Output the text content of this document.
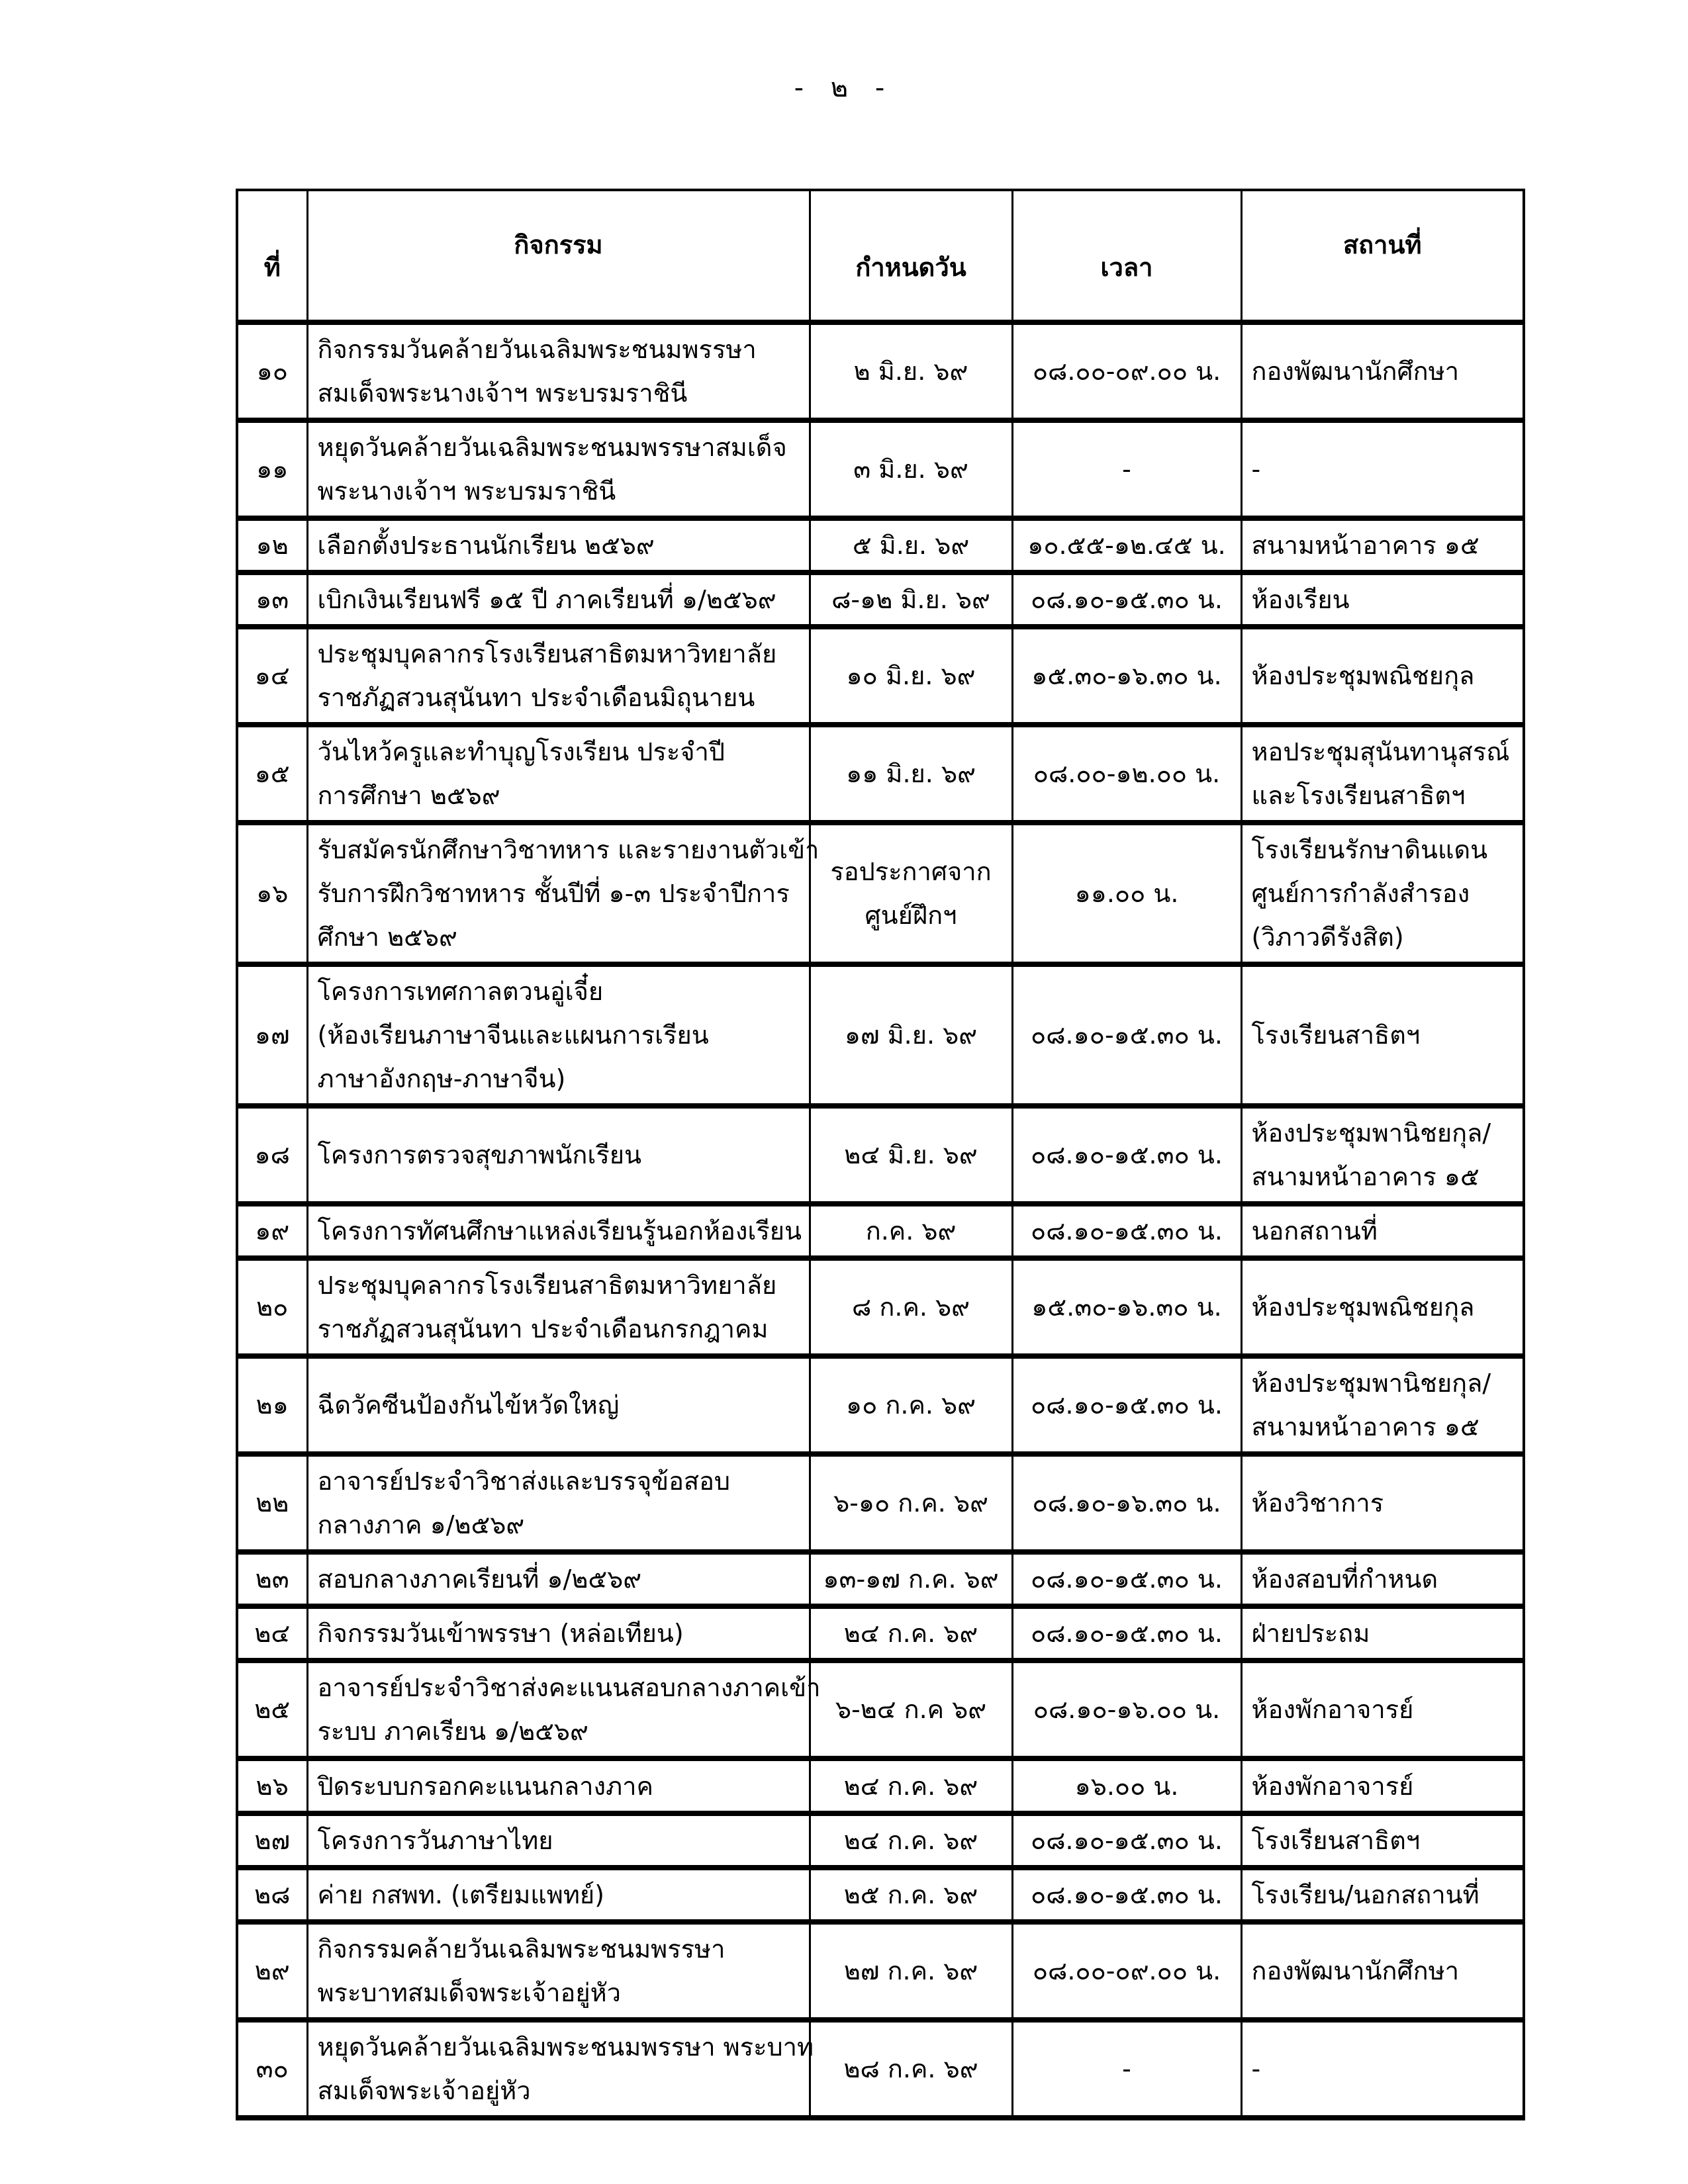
- ๒ -
ที่	กิจกรรม	กำหนดวัน	เวลา	สถานที่
๑๐	กิจกรรมวันคล้ายวันเฉลิมพระชนมพรรษา
สมเด็จพระนางเจ้าฯ พระบรมราชินี	๒ มิ.ย. ๖๙	๐๘.๐๐-๐๙.๐๐ น.	กองพัฒนานักศึกษา

๑๑	หยุดวันคล้ายวันเฉลิมพระชนมพรรษาสมเด็จ
พระนางเจ้าฯ พระบรมราชินี	๓ มิ.ย. ๖๙	-	-

๑๒	เลือกตั้งประธานนักเรียน ๒๕๖๙	๕ มิ.ย. ๖๙	๑๐.๕๕-๑๒.๔๕ น.	สนามหน้าอาคาร ๑๕

๑๓	เบิกเงินเรียนฟรี ๑๕ ปี ภาคเรียนที่ ๑/๒๕๖๙	๘-๑๒ มิ.ย. ๖๙	๐๘.๑๐-๑๕.๓๐ น.	ห้องเรียน

๑๔	ประชุมบุคลากรโรงเรียนสาธิตมหาวิทยาลัย
ราชภัฏสวนสุนันทา ประจำเดือนมิถุนายน	๑๐ มิ.ย. ๖๙	๑๕.๓๐-๑๖.๓๐ น.	ห้องประชุมพณิชยกุล

๑๕	วันไหว้ครูและทำบุญโรงเรียน ประจำปี
การศึกษา ๒๕๖๙	๑๑ มิ.ย. ๖๙	๐๘.๐๐-๑๒.๐๐ น.	หอประชุมสุนันทานุสรณ์
และโรงเรียนสาธิตฯ

๑๖	รับสมัครนักศึกษาวิชาทหาร และรายงานตัวเข้า
รับการฝึกวิชาทหาร ชั้นปีที่ ๑-๓ ประจำปีการ
ศึกษา ๒๕๖๙	รอประกาศจาก
ศูนย์ฝึกฯ	๑๑.๐๐ น.	โรงเรียนรักษาดินแดน
ศูนย์การกำลังสำรอง
(วิภาวดีรังสิต)

๑๗	โครงการเทศกาลตวนอู่เจี๋ย
(ห้องเรียนภาษาจีนและแผนการเรียน
ภาษาอังกฤษ-ภาษาจีน)	๑๗ มิ.ย. ๖๙	๐๘.๑๐-๑๕.๓๐ น.	โรงเรียนสาธิตฯ

๑๘	โครงการตรวจสุขภาพนักเรียน	๒๔ มิ.ย. ๖๙	๐๘.๑๐-๑๕.๓๐ น.	ห้องประชุมพานิชยกุล/
สนามหน้าอาคาร ๑๕

๑๙	โครงการทัศนศึกษาแหล่งเรียนรู้นอกห้องเรียน	ก.ค. ๖๙	๐๘.๑๐-๑๕.๓๐ น.	นอกสถานที่

๒๐	ประชุมบุคลากรโรงเรียนสาธิตมหาวิทยาลัย
ราชภัฏสวนสุนันทา ประจำเดือนกรกฎาคม	๘ ก.ค. ๖๙	๑๕.๓๐-๑๖.๓๐ น.	ห้องประชุมพณิชยกุล

๒๑	ฉีดวัคซีนป้องกันไข้หวัดใหญ่	๑๐ ก.ค. ๖๙	๐๘.๑๐-๑๕.๓๐ น.	ห้องประชุมพานิชยกุล/
สนามหน้าอาคาร ๑๕

๒๒	อาจารย์ประจำวิชาส่งและบรรจุข้อสอบ
กลางภาค ๑/๒๕๖๙	๖-๑๐ ก.ค. ๖๙	๐๘.๑๐-๑๖.๓๐ น.	ห้องวิชาการ

๒๓	สอบกลางภาคเรียนที่ ๑/๒๕๖๙	๑๓-๑๗ ก.ค. ๖๙	๐๘.๑๐-๑๕.๓๐ น.	ห้องสอบที่กำหนด

๒๔	กิจกรรมวันเข้าพรรษา (หล่อเทียน)	๒๔ ก.ค. ๖๙	๐๘.๑๐-๑๕.๓๐ น.	ฝ่ายประถม

๒๕	อาจารย์ประจำวิชาส่งคะแนนสอบกลางภาคเข้า
ระบบ ภาคเรียน ๑/๒๕๖๙	๖-๒๔ ก.ค ๖๙	๐๘.๑๐-๑๖.๐๐ น.	ห้องพักอาจารย์

๒๖	ปิดระบบกรอกคะแนนกลางภาค	๒๔ ก.ค. ๖๙	๑๖.๐๐ น.	ห้องพักอาจารย์

๒๗	โครงการวันภาษาไทย	๒๔ ก.ค. ๖๙	๐๘.๑๐-๑๕.๓๐ น.	โรงเรียนสาธิตฯ

๒๘	ค่าย กสพท. (เตรียมแพทย์)	๒๕ ก.ค. ๖๙	๐๘.๑๐-๑๕.๓๐ น.	โรงเรียน/นอกสถานที่

๒๙	กิจกรรมคล้ายวันเฉลิมพระชนมพรรษา
พระบาทสมเด็จพระเจ้าอยู่หัว	๒๗ ก.ค. ๖๙	๐๘.๐๐-๐๙.๐๐ น.	กองพัฒนานักศึกษา

๓๐	หยุดวันคล้ายวันเฉลิมพระชนมพรรษา พระบาท
สมเด็จพระเจ้าอยู่หัว	๒๘ ก.ค. ๖๙	-	-
